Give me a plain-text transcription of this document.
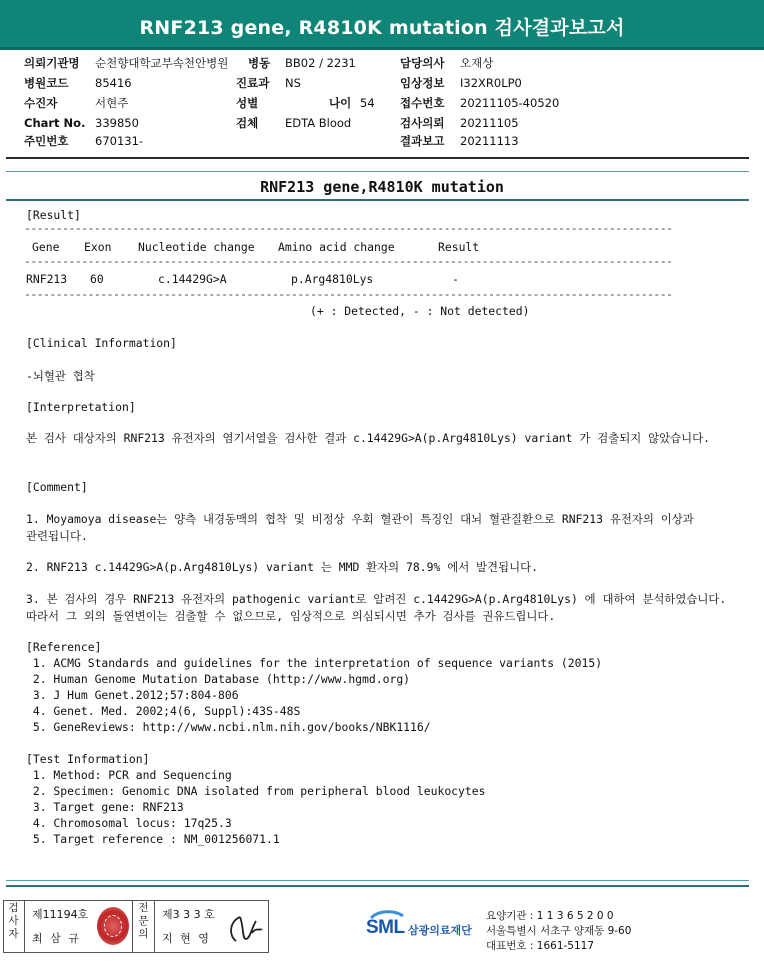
RNF213 gene, R4810K mutation 검사결과보고서
의뢰기관명 순천향대학교부속천안병원 병동 BB02 / 2231	담당의사 오재상
병원코드 85416	진료과 NS	임상정보 I32XR0LP0
수진자	서현주	성별	나이 54 접수번호 20211105-40520
Chart No. 339850	검체 EDTA Blood	검사의뢰 20211105
주민번호 670131-	결과보고 20211113
RNF213 gene,R4810K mutation
[Result]
------------------------------------------------------------------------------------------------------
Gene Exon Nucleotide change Amino acid change	Result
------------------------------------------------------------------------------------------------------
RNF213 60	c.14429G>A	p.Arg4810Lys	-
------------------------------------------------------------------------------------------------------
(+ : Detected, - : Not detected)
[Clinical Information]
-뇌혈관 협착
[Interpretation]
본 검사 대상자의 RNF213 유전자의 염기서열을 검사한 결과 c.14429G>A(p.Arg4810Lys) variant 가 검출되지 않았습니다.
[Comment]
1. Moyamoya disease는 양측 내경동맥의 협착 및 비정상 우회 혈관이 특징인 대뇌 혈관질환으로 RNF213 유전자의 이상과 관련됩니다.
2. RNF213 c.14429G>A(p.Arg4810Lys) variant 는 MMD 환자의 78.9% 에서 발견됩니다.
3. 본 검사의 경우 RNF213 유전자의 pathogenic variant로 알려진 c.14429G>A(p.Arg4810Lys) 에 대하여 분석하였습니다. 따라서 그 외의 돌연변이는 검출할 수 없으므로, 임상적으로 의심되시면 추가 검사를 권유드립니다.
[Reference]
1. ACMG Standards and guidelines for the interpretation of sequence variants (2015)
2. Human Genome Mutation Database (http://www.hgmd.org)
3. J Hum Genet.2012;57:804-806
4. Genet. Med. 2002;4(6, Suppl):43S-48S
5. GeneReviews: http://www.ncbi.nlm.nih.gov/books/NBK1116/
[Test Information]
1. Method: PCR and Sequencing
2. Specimen: Genomic DNA isolated from peripheral blood leukocytes
3. Target gene: RNF213
4. Chromosomal locus: 17q25.3
5. Target reference : NM_001256071.1
검
사
자
제11194호
최 삼 규
전
문
의
제3 3 3 호
지 현 영
SML 삼광의료재단
요양기관 : 1 1 3 6 5 2 0 0
서울특별시 서초구 양재동 9-60
대표번호 : 1661-5117
